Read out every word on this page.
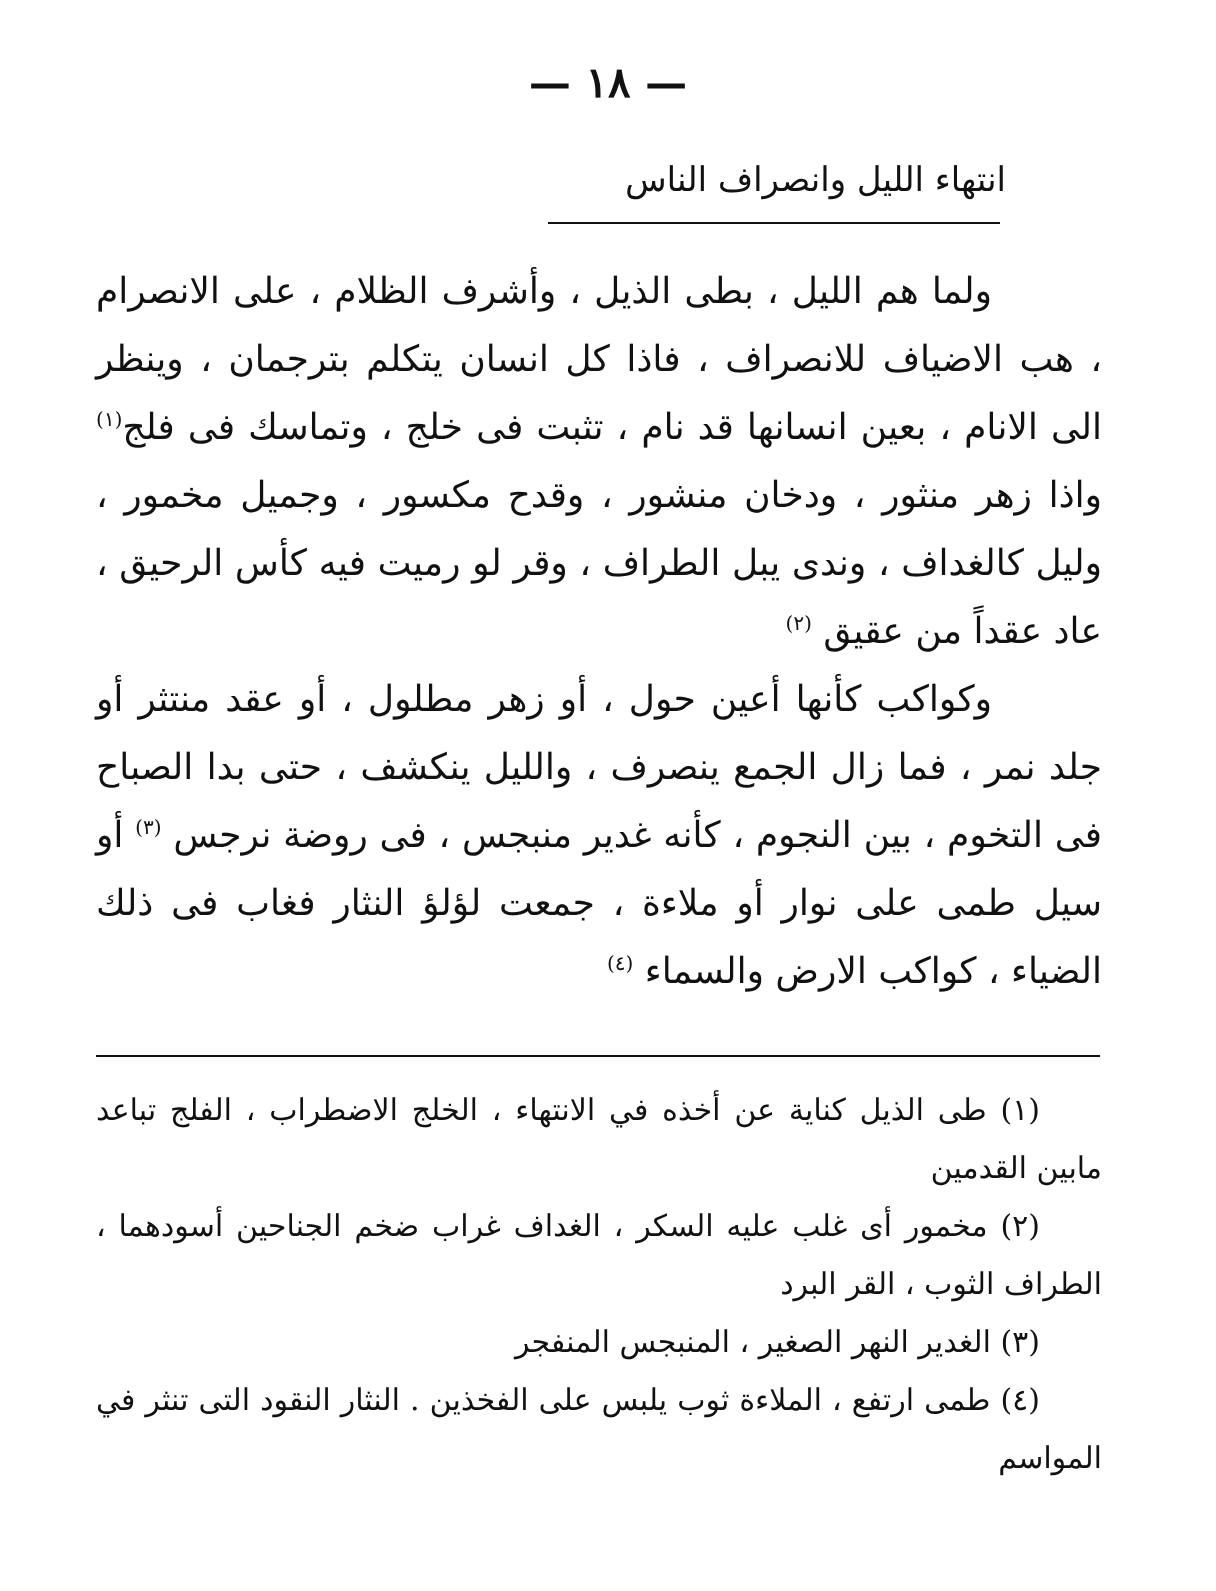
— ١٨ —
انتهاء الليل وانصراف الناس

ولما هم الليل ، بطى الذيل ، وأشرف الظلام ، على الانصرام ، هب الاضياف للانصراف ، فاذا كل انسان يتكلم بترجمان ، وينظر الى الانام ، بعين انسانها قد نام ، تثبت فى خلج ، وتماسك فى فلج$^{(١)}$ واذا زهر منثور ، ودخان منشور ، وقدح مكسور ، وجميل مخمور ، وليل كالغداف ، وندى يبل الطراف ، وقر لو رميت فيه كأس الرحيق ، عاد عقداً من عقيق $^{(٢)}$

وكواكب كأنها أعين حول ، أو زهر مطلول ، أو عقد منتثر أو جلد نمر ، فما زال الجمع ينصرف ، والليل ينكشف ، حتى بدا الصباح فى التخوم ، بين النجوم ، كأنه غدير منبجس ، فى روضة نرجس $^{(٣)}$ أو سيل طمى على نوار أو ملاءة ، جمعت لؤلؤ النثار فغاب فى ذلك الضياء ، كواكب الارض والسماء $^{(٤)}$

(١) طى الذيل كناية عن أخذه في الانتهاء ، الخلج الاضطراب ، الفلج تباعد مابين القدمين

(٢) مخمور أى غلب عليه السكر ، الغداف غراب ضخم الجناحين أسودهما ، الطراف الثوب ، القر البرد

(٣) الغدير النهر الصغير ، المنبجس المنفجر

(٤) طمى ارتفع ، الملاءة ثوب يلبس على الفخذين . النثار النقود التى تنثر في المواسم
